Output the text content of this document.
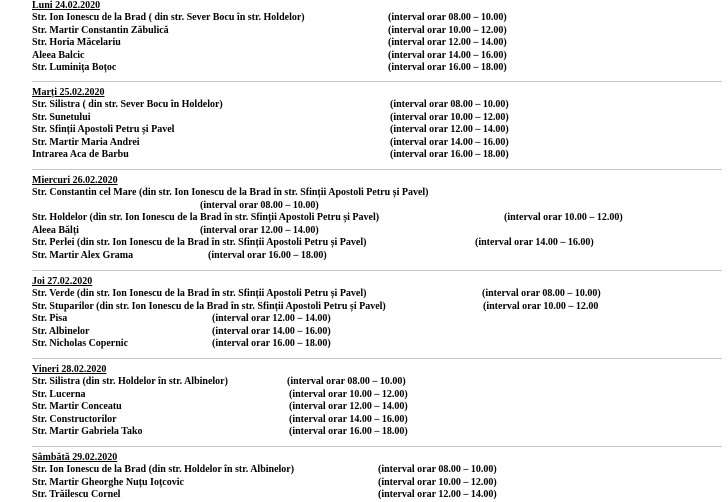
Luni 24.02.2020
Str. Ion Ionescu de la Brad ( din str. Sever Bocu în str. Holdelor)	(interval orar 08.00 – 10.00)
Str. Martir Constantin Zăbulică	(interval orar 10.00 – 12.00)
Str. Horia Măcelariu	(interval orar 12.00 – 14.00)
Aleea Balcic	(interval orar 14.00 – 16.00)
Str. Luminița Boțoc	(interval orar 16.00 – 18.00)
Marți 25.02.2020
Str. Silistra ( din str. Sever Bocu în Holdelor)	(interval orar 08.00 – 10.00)
Str. Sunetului	(interval orar 10.00 – 12.00)
Str. Sfinții Apostoli Petru și Pavel	(interval orar 12.00 – 14.00)
Str. Martir Maria Andrei	(interval orar 14.00 – 16.00)
Intrarea Aca de Barbu	(interval orar 16.00 – 18.00)
Miercuri 26.02.2020
Str. Constantin cel Mare (din str. Ion Ionescu de la Brad în str. Sfinții Apostoli Petru și Pavel)
(interval orar 08.00 – 10.00)
Str. Holdelor (din str. Ion Ionescu de la Brad în str. Sfinții Apostoli Petru și Pavel)	(interval orar 10.00 – 12.00)
Aleea Bălți	(interval orar 12.00 – 14.00)
Str. Perlei (din str. Ion Ionescu de la Brad în str. Sfinții Apostoli Petru și Pavel)	(interval orar 14.00 – 16.00)
Str. Martir Alex Grama	(interval orar 16.00 – 18.00)
Joi 27.02.2020
Str. Verde (din str. Ion Ionescu de la Brad în str. Sfinții Apostoli Petru și Pavel)	(interval orar 08.00 – 10.00)
Str. Stuparilor (din str. Ion Ionescu de la Brad în str. Sfinții Apostoli Petru și Pavel)	(interval orar 10.00 – 12.00
Str. Pisa	(interval orar 12.00 – 14.00)
Str. Albinelor	(interval orar 14.00 – 16.00)
Str. Nicholas Copernic	(interval orar 16.00 – 18.00)
Vineri 28.02.2020
Str. Silistra (din str. Holdelor în str. Albinelor)	(interval orar 08.00 – 10.00)
Str. Lucerna	(interval orar 10.00 – 12.00)
Str. Martir Conceatu	(interval orar 12.00 – 14.00)
Str. Constructorilor	(interval orar 14.00 – 16.00)
Str. Martir Gabriela Tako	(interval orar 16.00 – 18.00)
Sâmbătă 29.02.2020
Str. Ion Ionescu de la Brad (din str. Holdelor în str. Albinelor)	(interval orar 08.00 – 10.00)
Str. Martir Gheorghe Nuțu Ioțcovic	(interval orar 10.00 – 12.00)
Str. Trăilescu Cornel	(interval orar 12.00 – 14.00)
